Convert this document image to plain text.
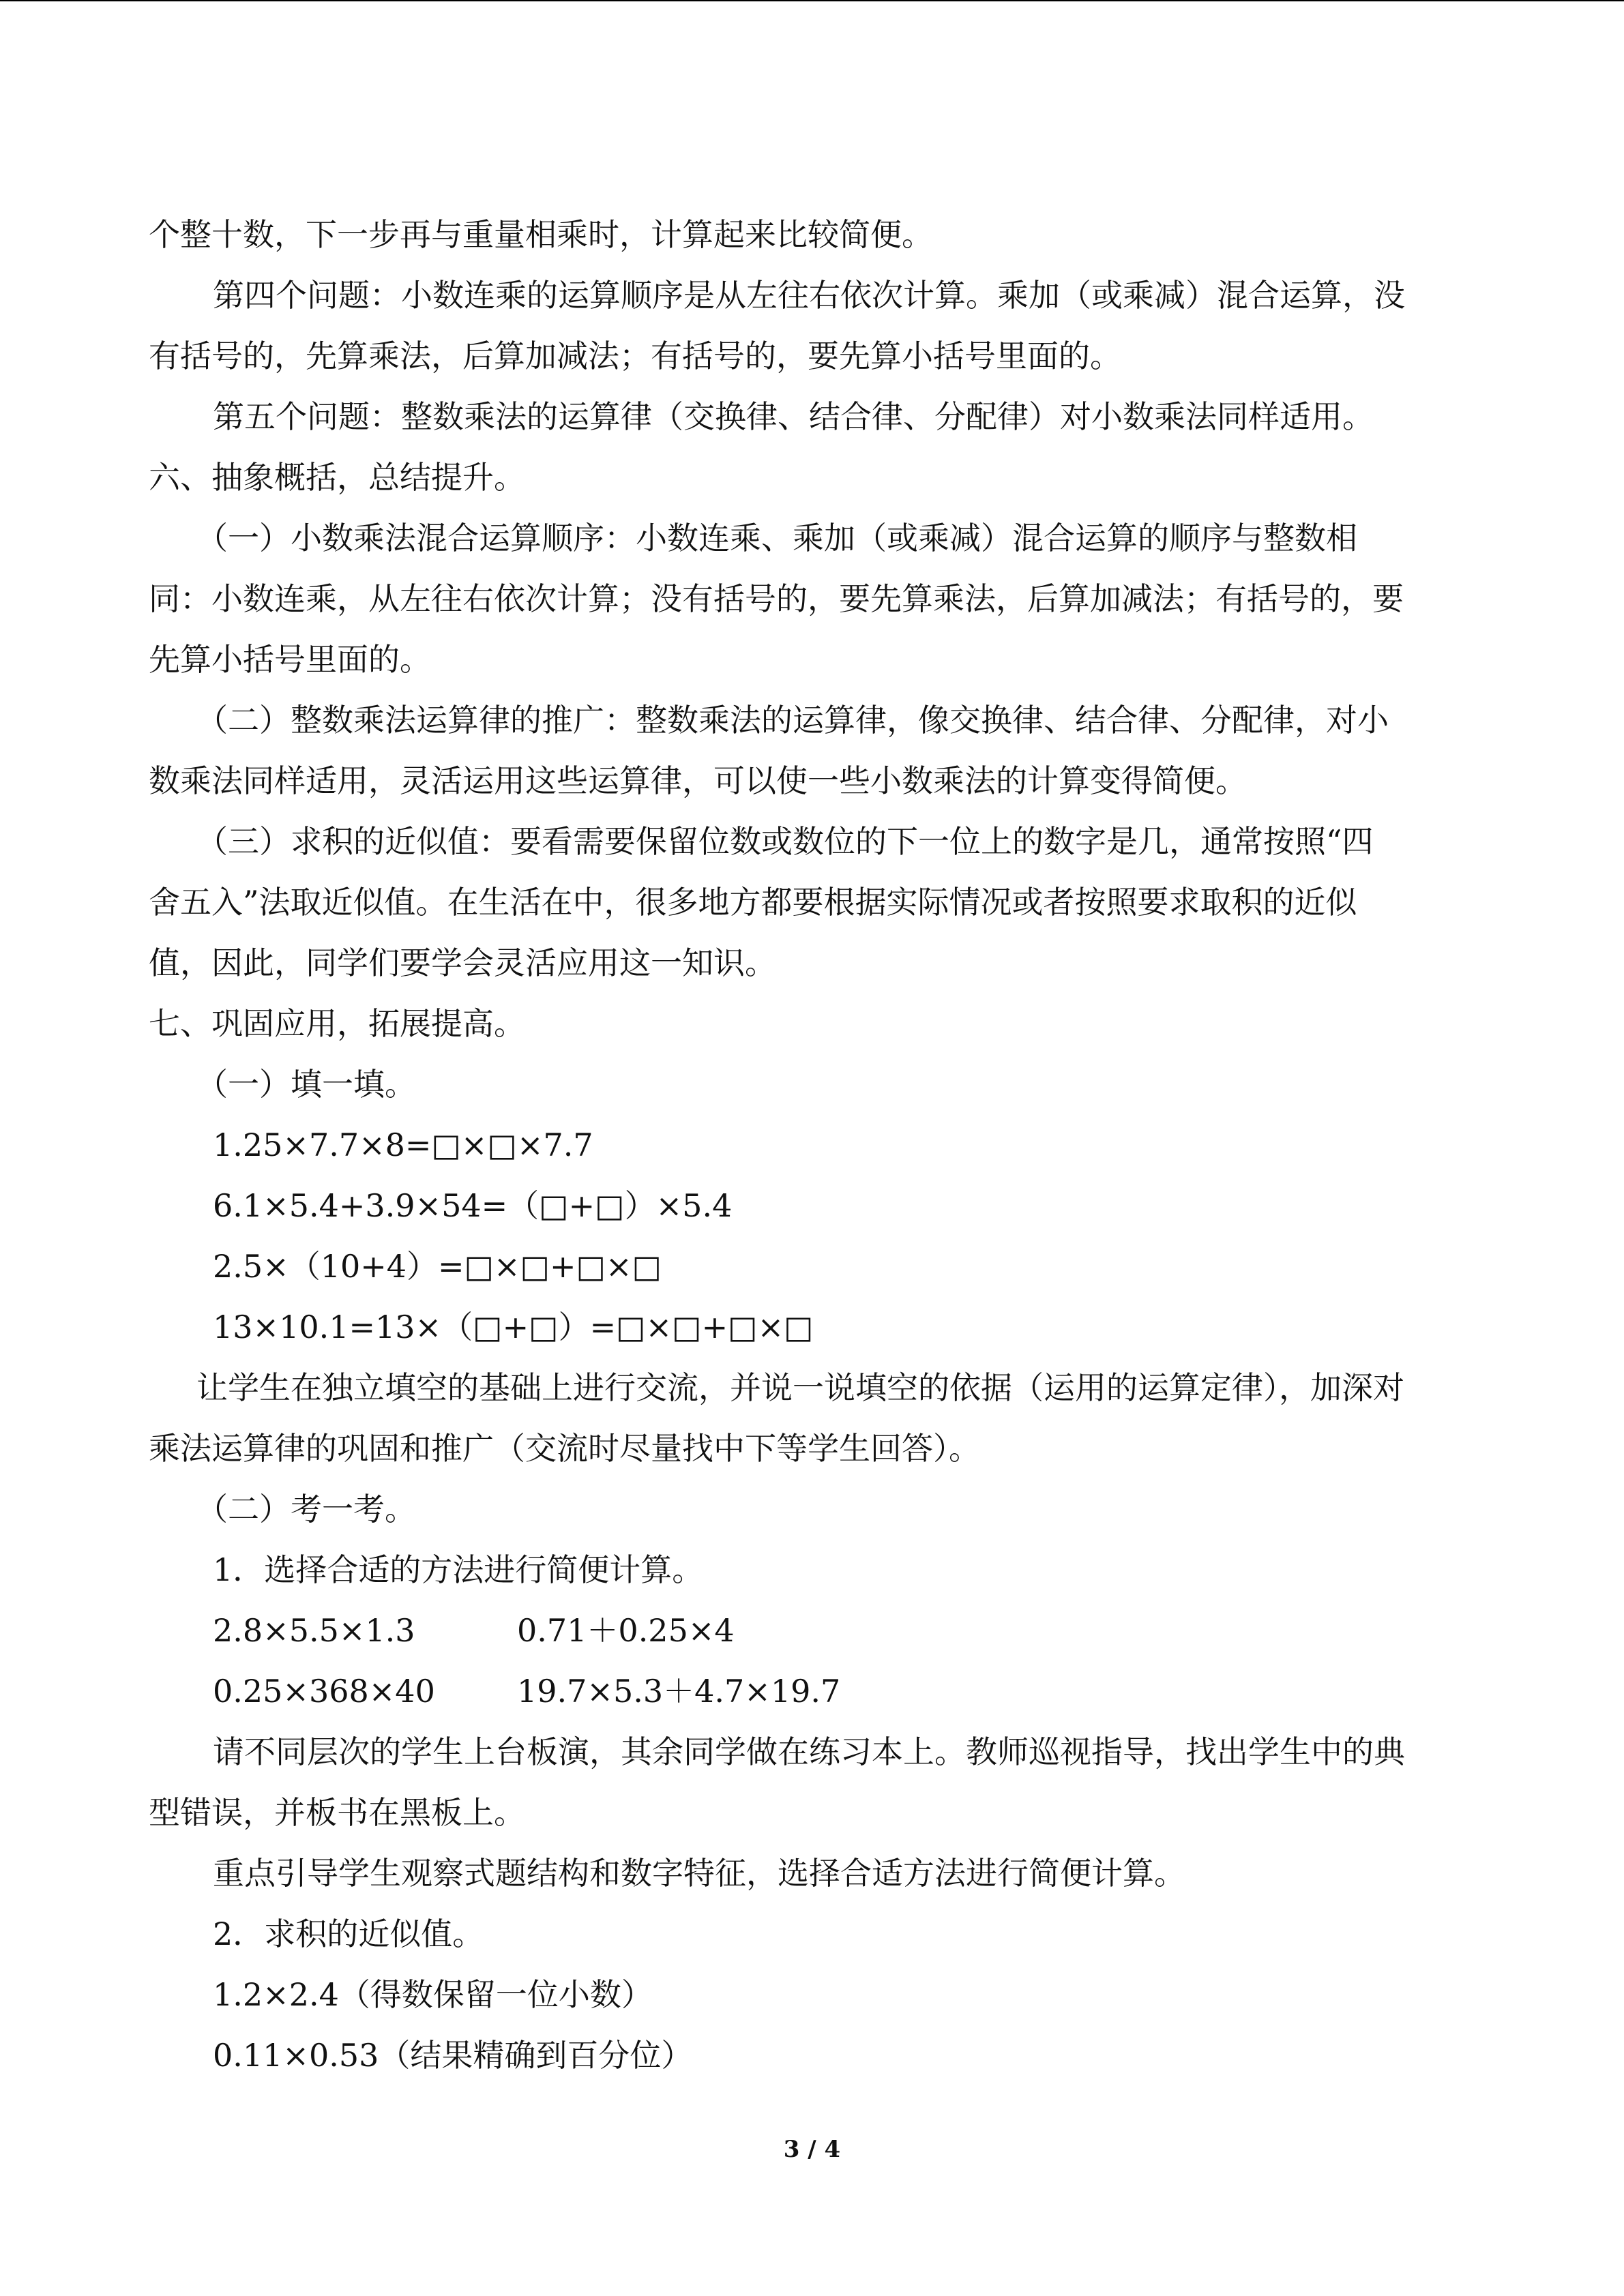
个整十数，下一步再与重量相乘时，计算起来比较简便。

第四个问题：小数连乘的运算顺序是从左往右依次计算。乘加（或乘减）混合运算，没

有括号的，先算乘法，后算加减法；有括号的，要先算小括号里面的。

第五个问题：整数乘法的运算律（交换律、结合律、分配律）对小数乘法同样适用。

六、抽象概括，总结提升。

（一）小数乘法混合运算顺序：小数连乘、乘加（或乘减）混合运算的顺序与整数相

同：小数连乘，从左往右依次计算；没有括号的，要先算乘法，后算加减法；有括号的，要

先算小括号里面的。

（二）整数乘法运算律的推广：整数乘法的运算律，像交换律、结合律、分配律，对小

数乘法同样适用，灵活运用这些运算律，可以使一些小数乘法的计算变得简便。

（三）求积的近似值：要看需要保留位数或数位的下一位上的数字是几，通常按照“四

舍五入”法取近似值。在生活在中，很多地方都要根据实际情况或者按照要求取积的近似

值，因此，同学们要学会灵活应用这一知识。

七、巩固应用，拓展提高。

（一）填一填。

1.25×7.7×8=□×□×7.7

6.1×5.4+3.9×54=（□+□）×5.4

2.5×（10+4）=□×□+□×□

13×10.1=13×（□+□）=□×□+□×□

让学生在独立填空的基础上进行交流，并说一说填空的依据（运用的运算定律），加深对

乘法运算律的巩固和推广（交流时尽量找中下等学生回答）。

（二）考一考。

1．选择合适的方法进行简便计算。

2.8×5.5×1.3	0.71＋0.25×4

0.25×368×40	19.7×5.3＋4.7×19.7

请不同层次的学生上台板演，其余同学做在练习本上。教师巡视指导，找出学生中的典

型错误，并板书在黑板上。

重点引导学生观察式题结构和数字特征，选择合适方法进行简便计算。

2．求积的近似值。

1.2×2.4（得数保留一位小数）

0.11×0.53（结果精确到百分位）

3 / 4
